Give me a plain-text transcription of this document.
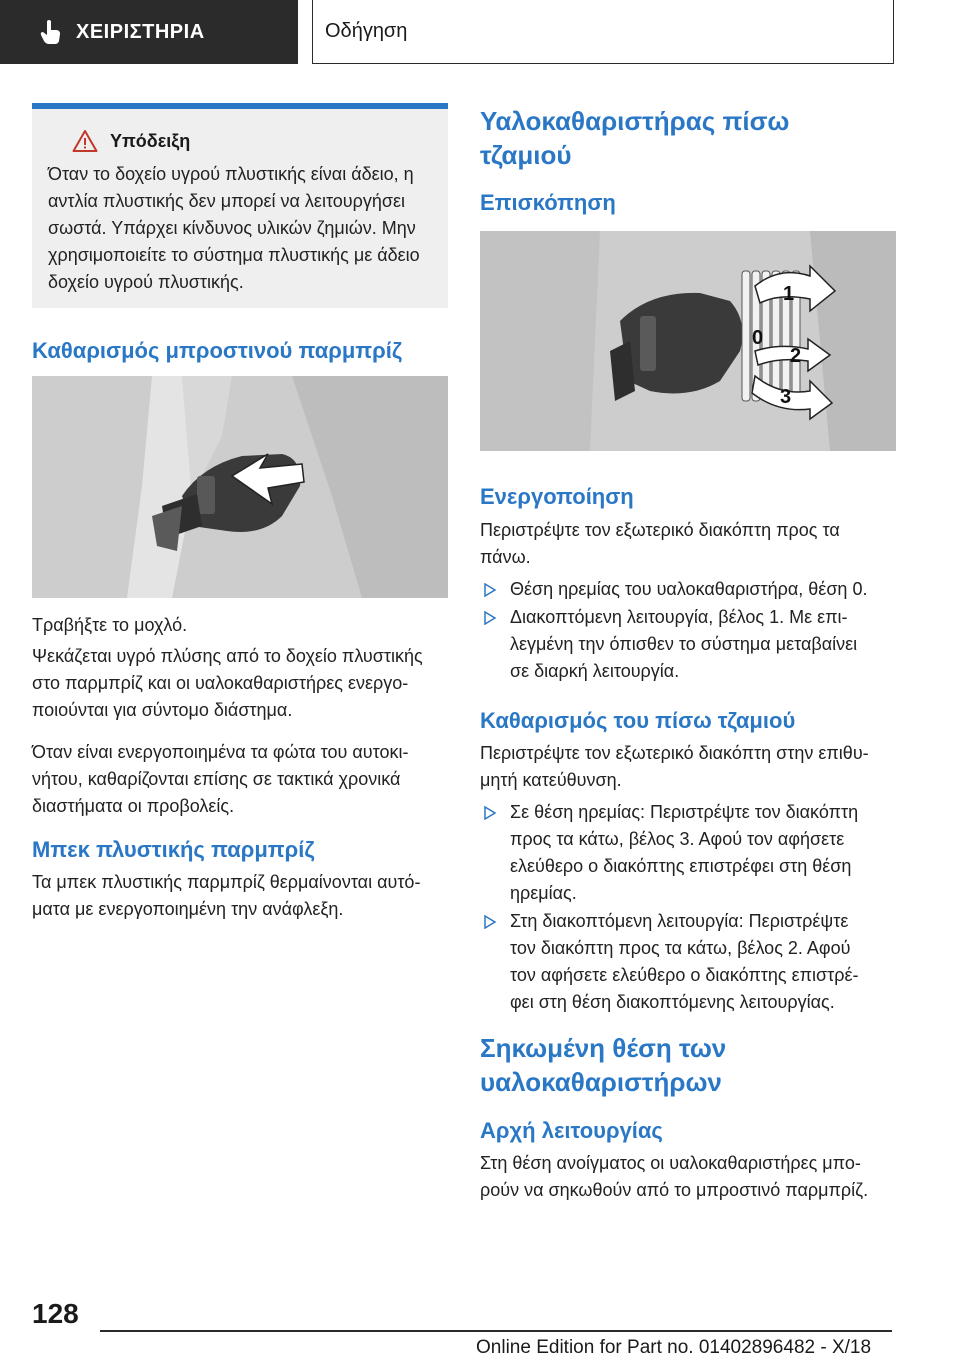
ΧΕΙΡΙΣΤΗΡΙΑ	Οδήγηση
Υπόδειξη

Όταν το δοχείο υγρού πλυστικής είναι άδειο, η

αντλία πλυστικής δεν μπορεί να λειτουργήσει

σωστά. Υπάρχει κίνδυνος υλικών ζημιών. Μην

χρησιμοποιείτε το σύστημα πλυστικής με άδειο

δοχείο υγρού πλυστικής.

Καθαρισμός μπροστινού παρμπρίζ

Τραβήξτε το μοχλό.

Ψεκάζεται υγρό πλύσης από το δοχείο πλυστικής

στο παρμπρίζ και οι υαλοκαθαριστήρες ενεργο-

ποιούνται για σύντομο διάστημα.

Όταν είναι ενεργοποιημένα τα φώτα του αυτοκι-

νήτου, καθαρίζονται επίσης σε τακτικά χρονικά

διαστήματα οι προβολείς.

Μπεκ πλυστικής παρμπρίζ

Τα μπεκ πλυστικής παρμπρίζ θερμαίνονται αυτό-

ματα με ενεργοποιημένη την ανάφλεξη.

Υαλοκαθαριστήρας πίσω

τζαμιού

Επισκόπηση

1
0
2
3

Ενεργοποίηση

Περιστρέψτε τον εξωτερικό διακόπτη προς τα

πάνω.

Θέση ηρεμίας του υαλοκαθαριστήρα, θέση 0.

Διακοπτόμενη λειτουργία, βέλος 1. Με επι-

λεγμένη την όπισθεν το σύστημα μεταβαίνει

σε διαρκή λειτουργία.

Καθαρισμός του πίσω τζαμιού

Περιστρέψτε τον εξωτερικό διακόπτη στην επιθυ-

μητή κατεύθυνση.

Σε θέση ηρεμίας: Περιστρέψτε τον διακόπτη

προς τα κάτω, βέλος 3. Αφού τον αφήσετε

ελεύθερο ο διακόπτης επιστρέφει στη θέση

ηρεμίας.

Στη διακοπτόμενη λειτουργία: Περιστρέψτε

τον διακόπτη προς τα κάτω, βέλος 2. Αφού

τον αφήσετε ελεύθερο ο διακόπτης επιστρέ-

φει στη θέση διακοπτόμενης λειτουργίας.

Σηκωμένη θέση των

υαλοκαθαριστήρων

Αρχή λειτουργίας

Στη θέση ανοίγματος οι υαλοκαθαριστήρες μπο-

ρούν να σηκωθούν από το μπροστινό παρμπρίζ.

128
Online Edition for Part no. 01402896482 - X/18
